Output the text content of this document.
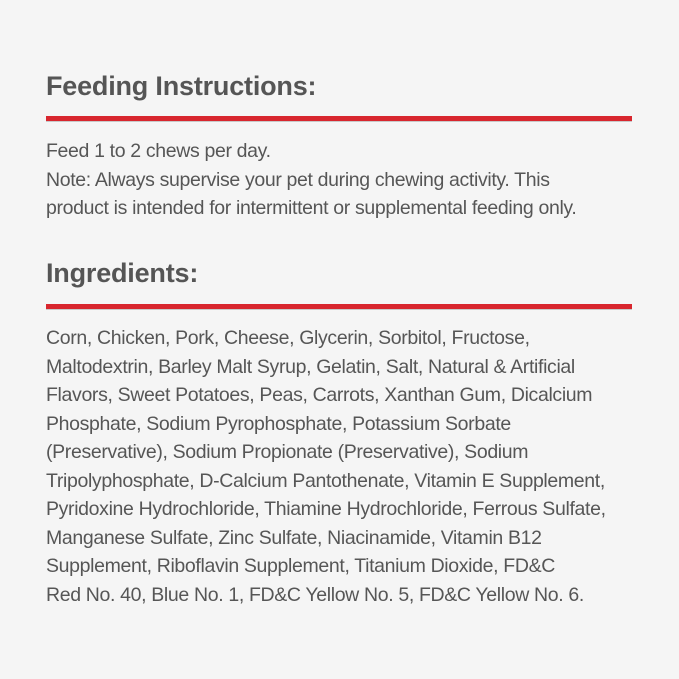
Feeding Instructions:

Feed 1 to 2 chews per day.
Note: Always supervise your pet during chewing activity. This
product is intended for intermittent or supplemental feeding only.

Ingredients:

Corn, Chicken, Pork, Cheese, Glycerin, Sorbitol, Fructose,
Maltodextrin, Barley Malt Syrup, Gelatin, Salt, Natural & Artificial
Flavors, Sweet Potatoes, Peas, Carrots, Xanthan Gum, Dicalcium
Phosphate, Sodium Pyrophosphate, Potassium Sorbate
(Preservative), Sodium Propionate (Preservative), Sodium
Tripolyphosphate, D-Calcium Pantothenate, Vitamin E Supplement,
Pyridoxine Hydrochloride, Thiamine Hydrochloride, Ferrous Sulfate,
Manganese Sulfate, Zinc Sulfate, Niacinamide, Vitamin B12
Supplement, Riboflavin Supplement, Titanium Dioxide, FD&C
Red No. 40, Blue No. 1, FD&C Yellow No. 5, FD&C Yellow No. 6.
